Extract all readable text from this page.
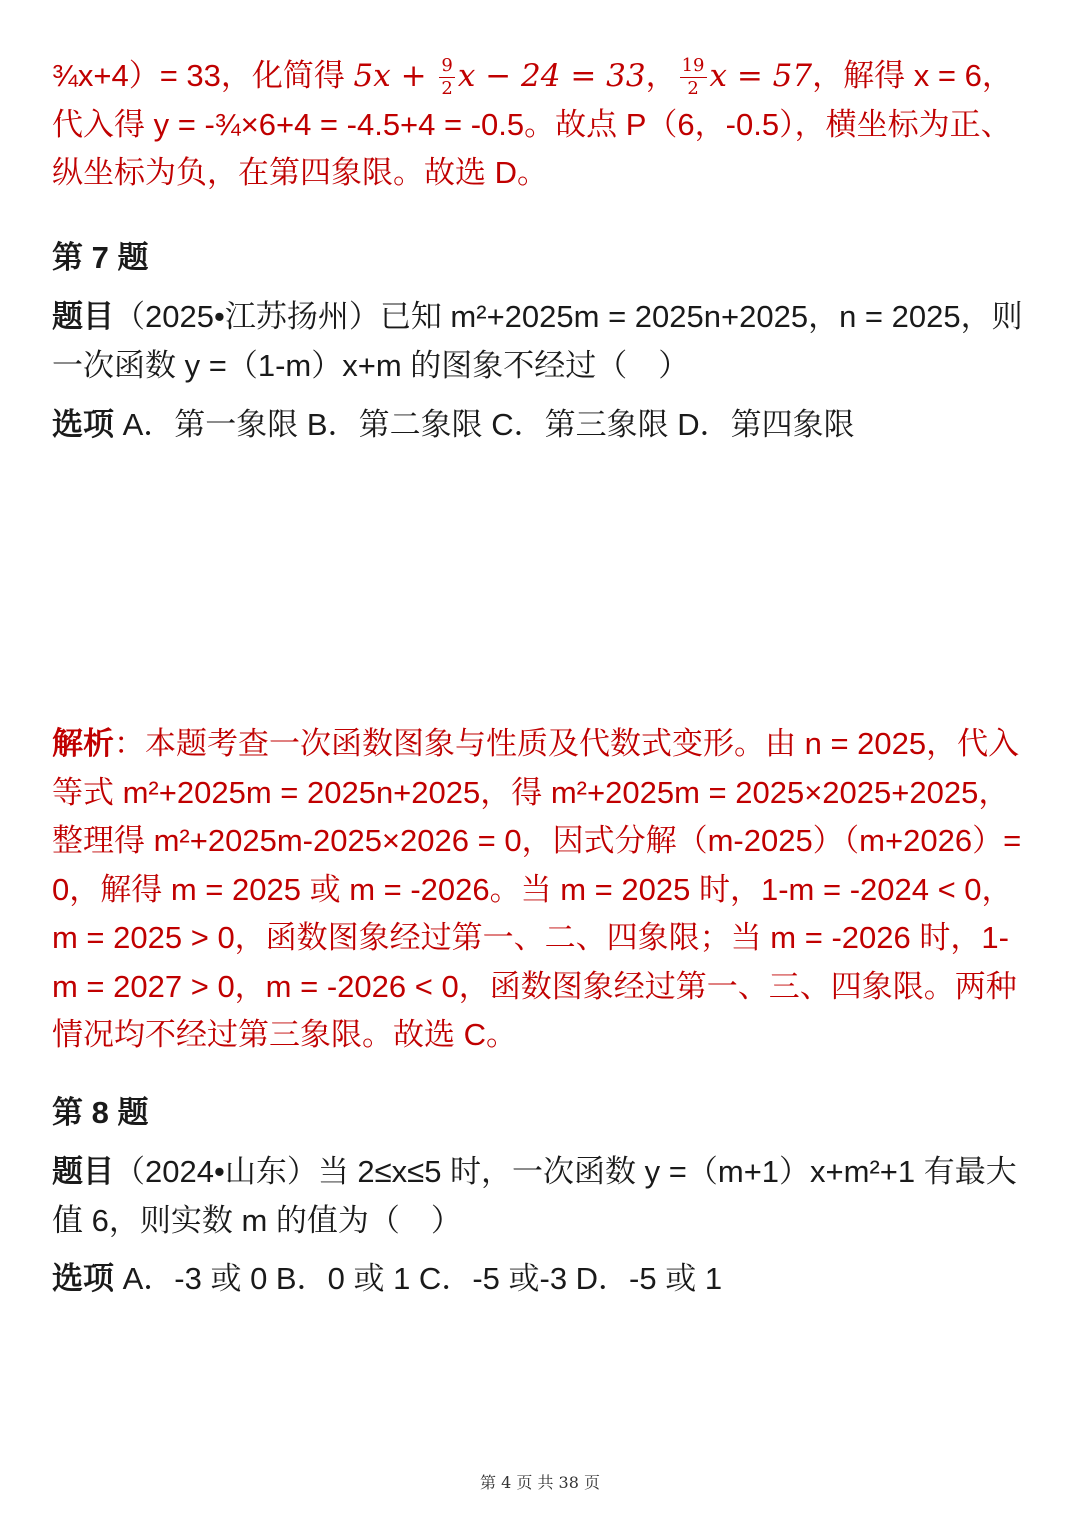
¾x+4）= 33，化简得 $5x + \frac{9}{2}$ x − 24 = 33， $\frac{19}{2}$ x = 57，解得 x = 6，代入得 y = -¾×6+4 = -4.5+4 = -0.5。故点 P（6，-0.5），横坐标为正、纵坐标为负，在第四象限。故选 D。

第 7 题

题目（2025•江苏扬州）已知 m²+2025m = 2025n+2025，n = 2025，则一次函数 y =（1-m）x+m 的图象不经过（　）

选项 A．第一象限 B．第二象限 C．第三象限 D．第四象限

解析：本题考查一次函数图象与性质及代数式变形。由 n = 2025，代入等式 m²+2025m = 2025n+2025，得 m²+2025m = 2025×2025+2025，整理得 m²+2025m-2025×2026 = 0，因式分解（m-2025）（m+2026）= 0，解得 m = 2025 或 m = -2026。当 m = 2025 时，1-m = -2024 < 0，m = 2025 > 0，函数图象经过第一、二、四象限；当 m = -2026 时，1-m = 2027 > 0，m = -2026 < 0，函数图象经过第一、三、四象限。两种情况均不经过第三象限。故选 C。

第 8 题

题目（2024•山东）当 2≤x≤5 时，一次函数 y =（m+1）x+m²+1 有最大值 6，则实数 m 的值为（　）

选项 A．-3 或 0 B．0 或 1 C．-5 或-3 D．-5 或 1

第 4 页 共 38 页
